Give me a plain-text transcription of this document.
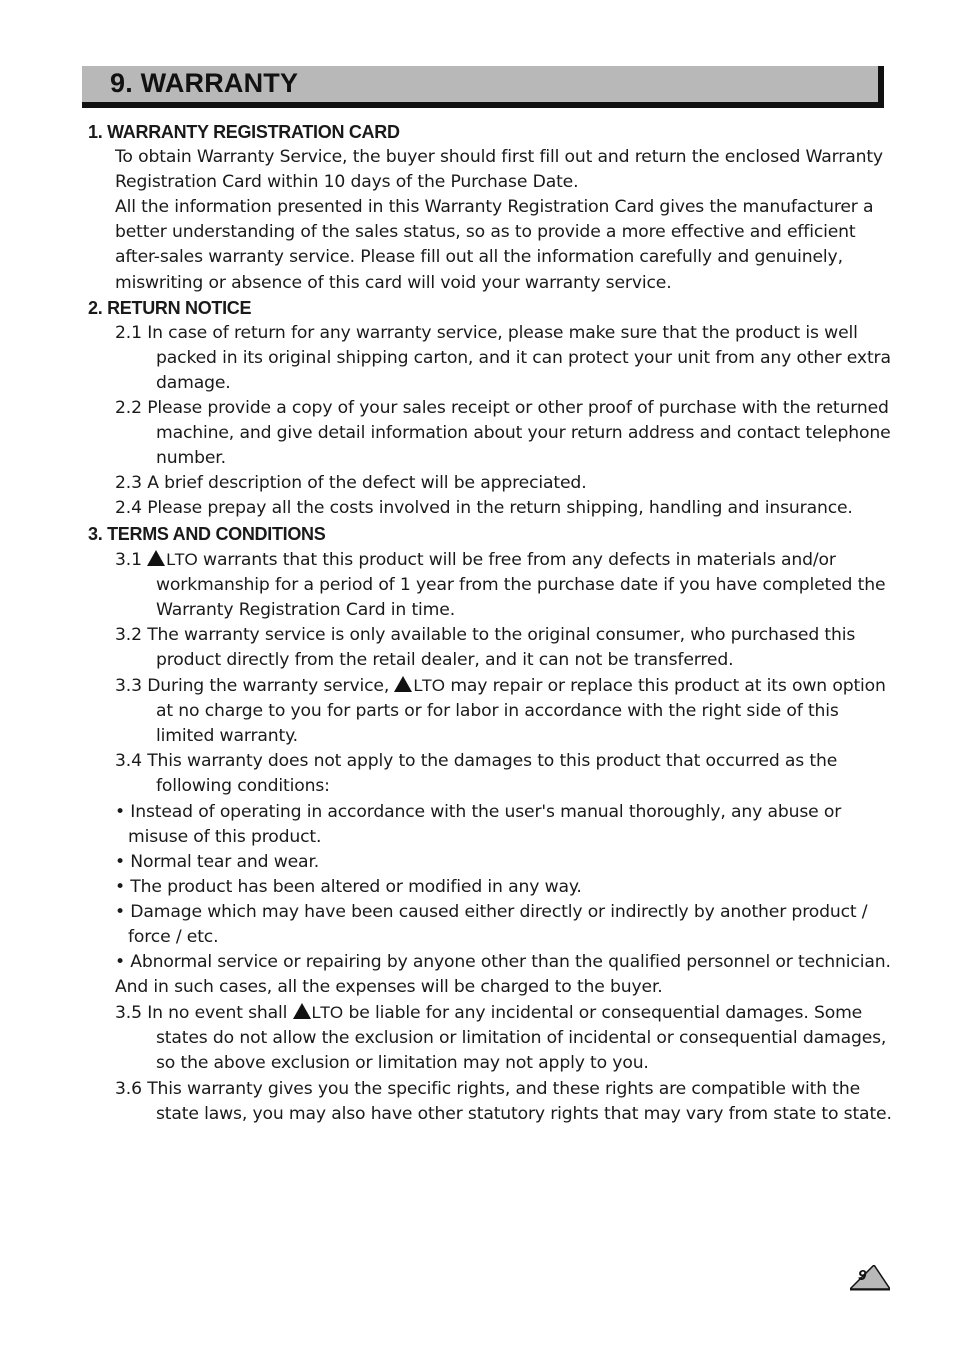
9. WARRANTY
1. WARRANTY REGISTRATION CARD
To obtain Warranty Service, the buyer should first fill out and return the enclosed Warranty Registration Card within 10 days of the Purchase Date.
All the information presented in this Warranty Registration Card gives the manufacturer a better understanding of the sales status, so as to provide a more effective and efficient after-sales warranty service. Please fill out all the information carefully and genuinely, miswriting or absence of this card will void your warranty service.
2. RETURN NOTICE
2.1 In case of return for any warranty service, please make sure that the product is well packed in its original shipping carton, and it can protect your unit from any other extra damage.
2.2 Please provide a copy of your sales receipt or other proof of purchase with the returned machine, and give detail information about your return address and contact telephone number.
2.3 A brief description of the defect will be appreciated.
2.4 Please prepay all the costs involved in the return shipping, handling and insurance.
3. TERMS AND CONDITIONS
3.1 LTO warrants that this product will be free from any defects in materials and/or workmanship for a period of 1 year from the purchase date if you have completed the Warranty Registration Card in time.
3.2 The warranty service is only available to the original consumer, who purchased this product directly from the retail dealer, and it can not be transferred.
3.3 During the warranty service, LTO may repair or replace this product at its own option at no charge to you for parts or for labor in accordance with the right side of this limited warranty.
3.4 This warranty does not apply to the damages to this product that occurred as the following conditions:
• Instead of operating in accordance with the user's manual thoroughly, any abuse or misuse of this product.
• Normal tear and wear.
• The product has been altered or modified in any way.
• Damage which may have been caused either directly or indirectly by another product / force / etc.
• Abnormal service or repairing by anyone other than the qualified personnel or technician.
And in such cases, all the expenses will be charged to the buyer.
3.5 In no event shall LTO be liable for any incidental or consequential damages. Some states do not allow the exclusion or limitation of incidental or consequential damages, so the above exclusion or limitation may not apply to you.
3.6 This warranty gives you the specific rights, and these rights are compatible with the state laws, you may also have other statutory rights that may vary from state to state.
9
